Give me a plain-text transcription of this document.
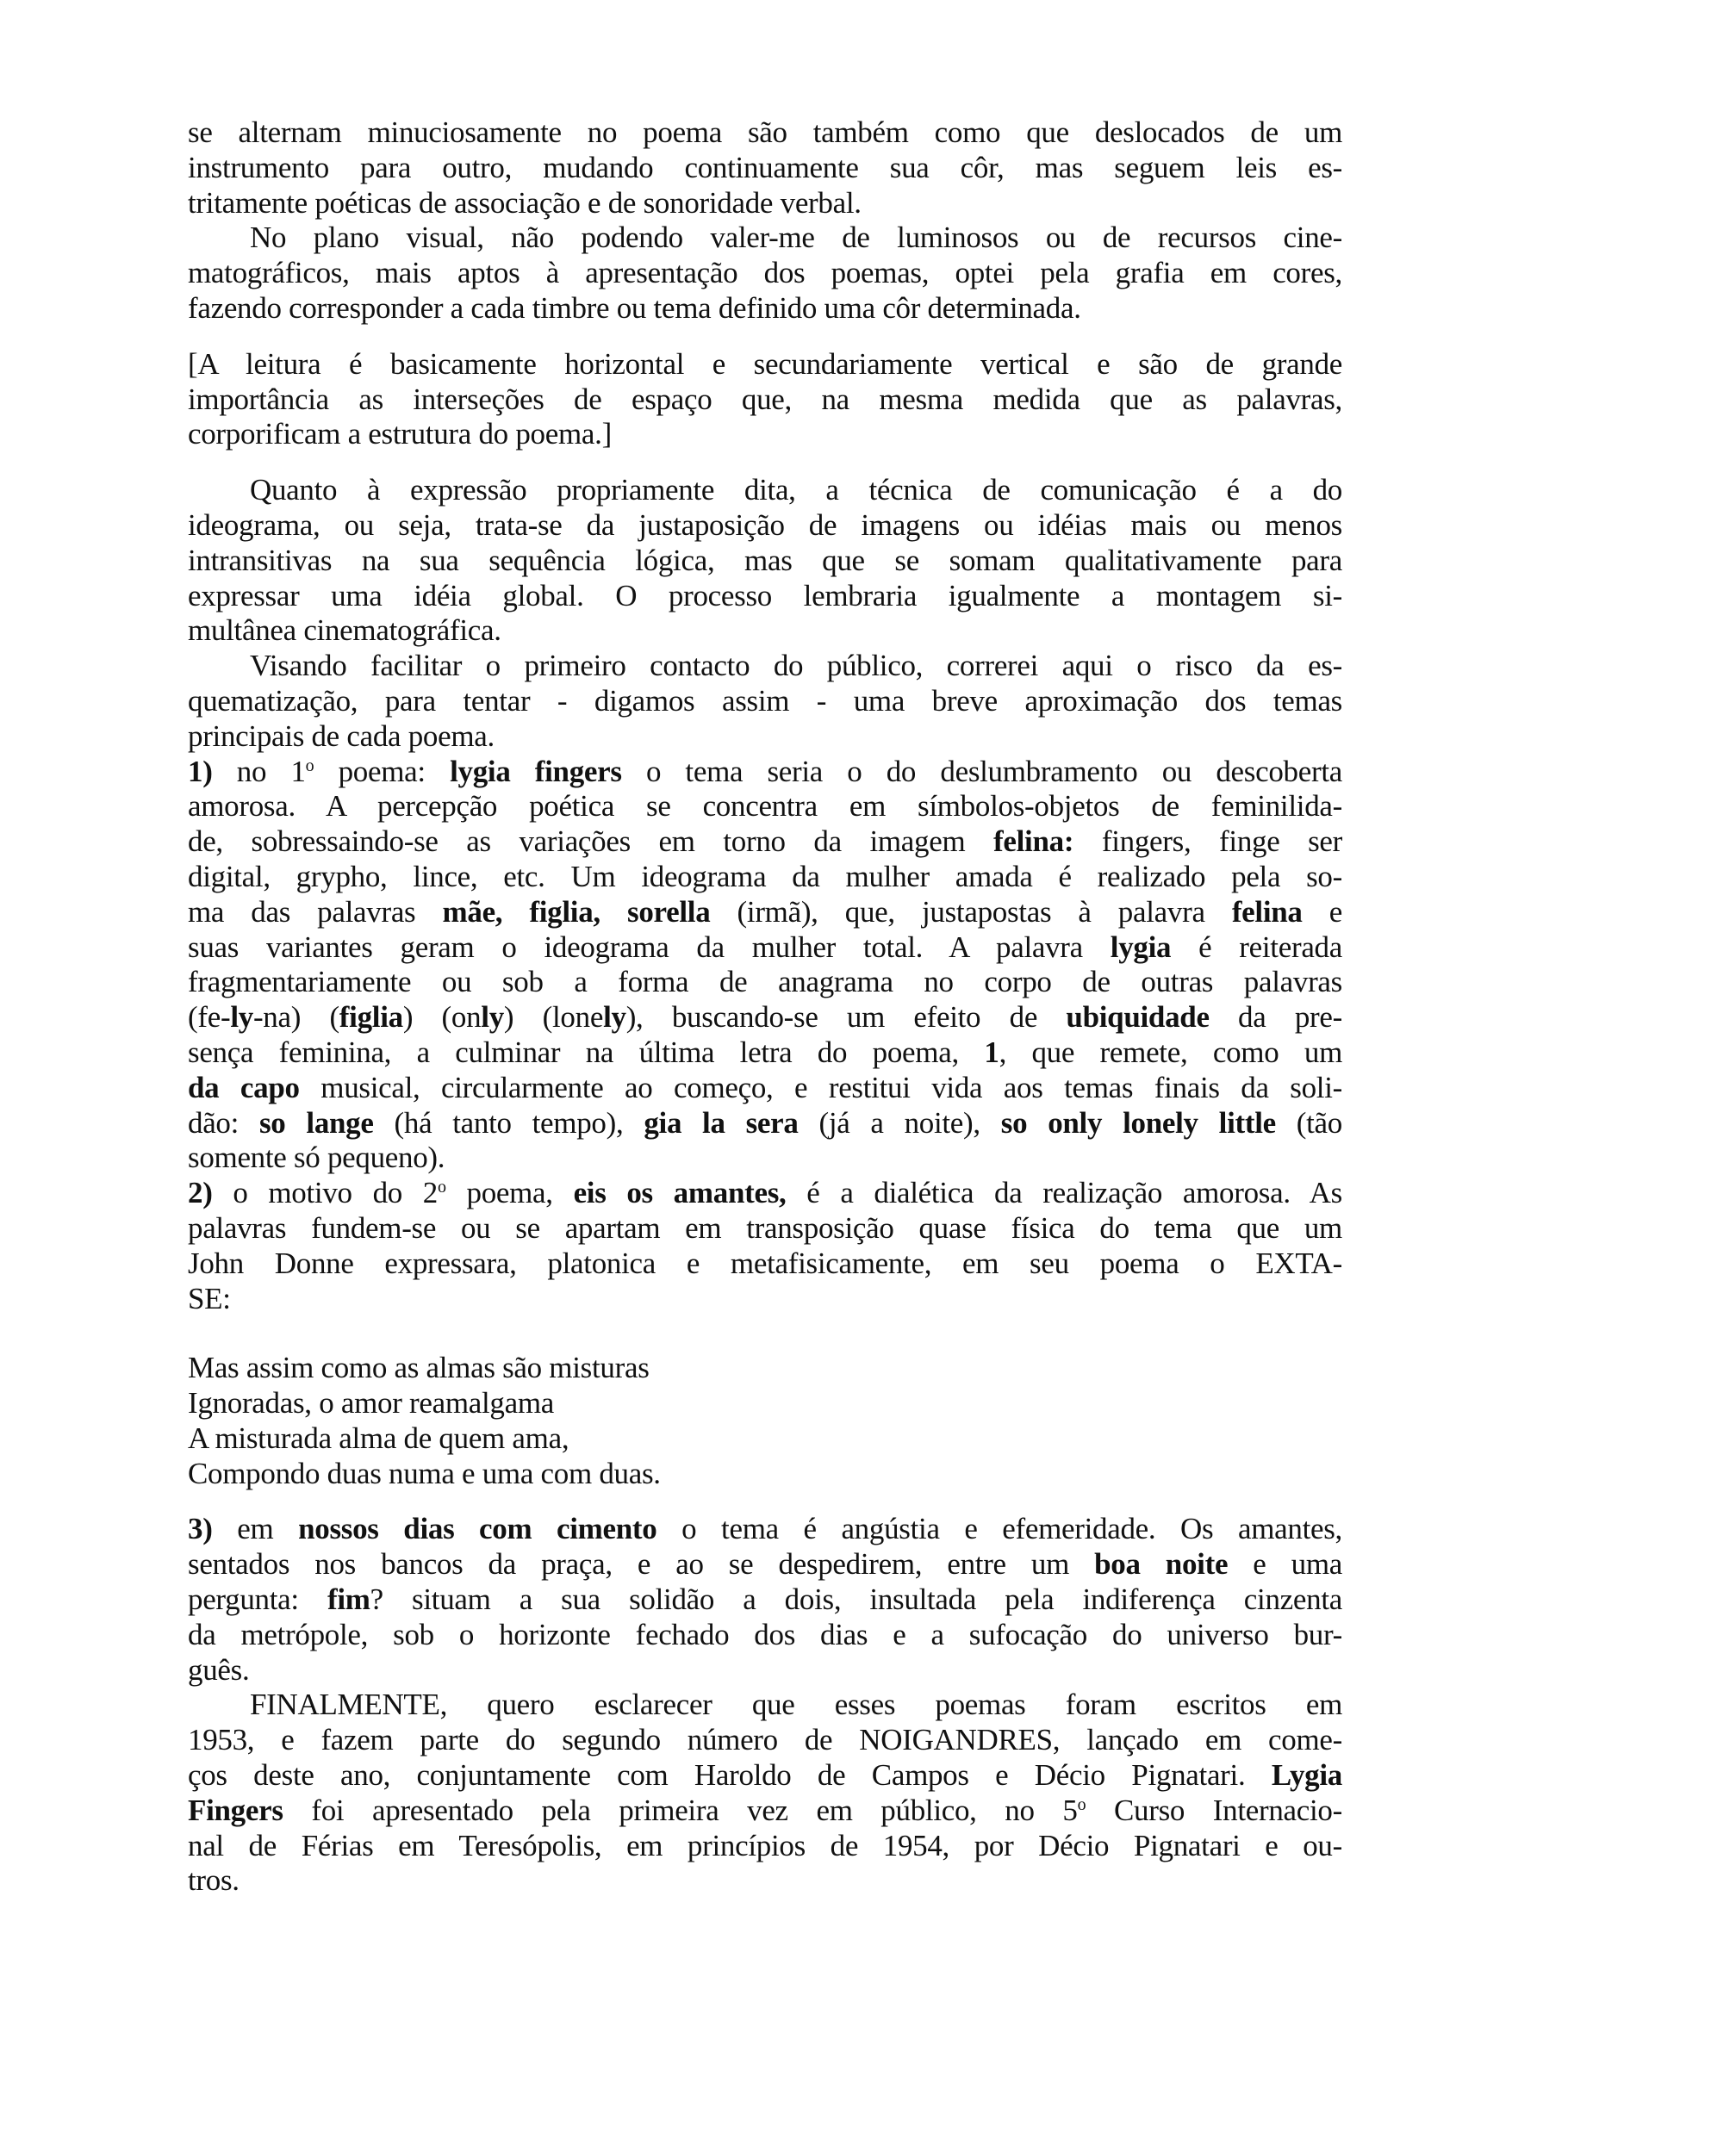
se alternam minuciosamente no poema são também como que deslocados de um
instrumento para outro, mudando continuamente sua côr, mas seguem leis es-
tritamente poéticas de associação e de sonoridade verbal.
No plano visual, não podendo valer-me de luminosos ou de recursos cine-
matográficos, mais aptos à apresentação dos poemas, optei pela grafia em cores,
fazendo corresponder a cada timbre ou tema definido uma côr determinada.
[A leitura é basicamente horizontal e secundariamente vertical e são de grande
importância as interseções de espaço que, na mesma medida que as palavras,
corporificam a estrutura do poema.]
Quanto à expressão propriamente dita, a técnica de comunicação é a do
ideograma, ou seja, trata-se da justaposição de imagens ou idéias mais ou menos
intransitivas na sua sequência lógica, mas que se somam qualitativamente para
expressar uma idéia global. O processo lembraria igualmente a montagem si-
multânea cinematográfica.
Visando facilitar o primeiro contacto do público, correrei aqui o risco da es-
quematização, para tentar - digamos assim - uma breve aproximação dos temas
principais de cada poema.
1) no 1$^o$ poema: lygia fingers o tema seria o do deslumbramento ou descoberta
amorosa. A percepção poética se concentra em símbolos-objetos de feminilida-
de, sobressaindo-se as variações em torno da imagem felina: fingers, finge ser
digital, grypho, lince, etc. Um ideograma da mulher amada é realizado pela so-
ma das palavras mãe, figlia, sorella (irmã), que, justapostas à palavra felina e
suas variantes geram o ideograma da mulher total. A palavra lygia é reiterada
fragmentariamente ou sob a forma de anagrama no corpo de outras palavras
(fe-ly-na) (figlia) (only) (lonely), buscando-se um efeito de ubiquidade da pre-
sença feminina, a culminar na última letra do poema, 1, que remete, como um
da capo musical, circularmente ao começo, e restitui vida aos temas finais da soli-
dão: so lange (há tanto tempo), gia la sera (já a noite), so only lonely little (tão
somente só pequeno).
2) o motivo do 2$^o$ poema, eis os amantes, é a dialética da realização amorosa. As
palavras fundem-se ou se apartam em transposição quase física do tema que um
John Donne expressara, platonica e metafisicamente, em seu poema o EXTA-
SE:
Mas assim como as almas são misturas
Ignoradas, o amor reamalgama
A misturada alma de quem ama,
Compondo duas numa e uma com duas.
3) em nossos dias com cimento o tema é angústia e efemeridade. Os amantes,
sentados nos bancos da praça, e ao se despedirem, entre um boa noite e uma
pergunta: fim? situam a sua solidão a dois, insultada pela indiferença cinzenta
da metrópole, sob o horizonte fechado dos dias e a sufocação do universo bur-
guês.
FINALMENTE, quero esclarecer que esses poemas foram escritos em
1953, e fazem parte do segundo número de NOIGANDRES, lançado em come-
ços deste ano, conjuntamente com Haroldo de Campos e Décio Pignatari. Lygia
Fingers foi apresentado pela primeira vez em público, no 5$^o$ Curso Internacio-
nal de Férias em Teresópolis, em princípios de 1954, por Décio Pignatari e ou-
tros.
